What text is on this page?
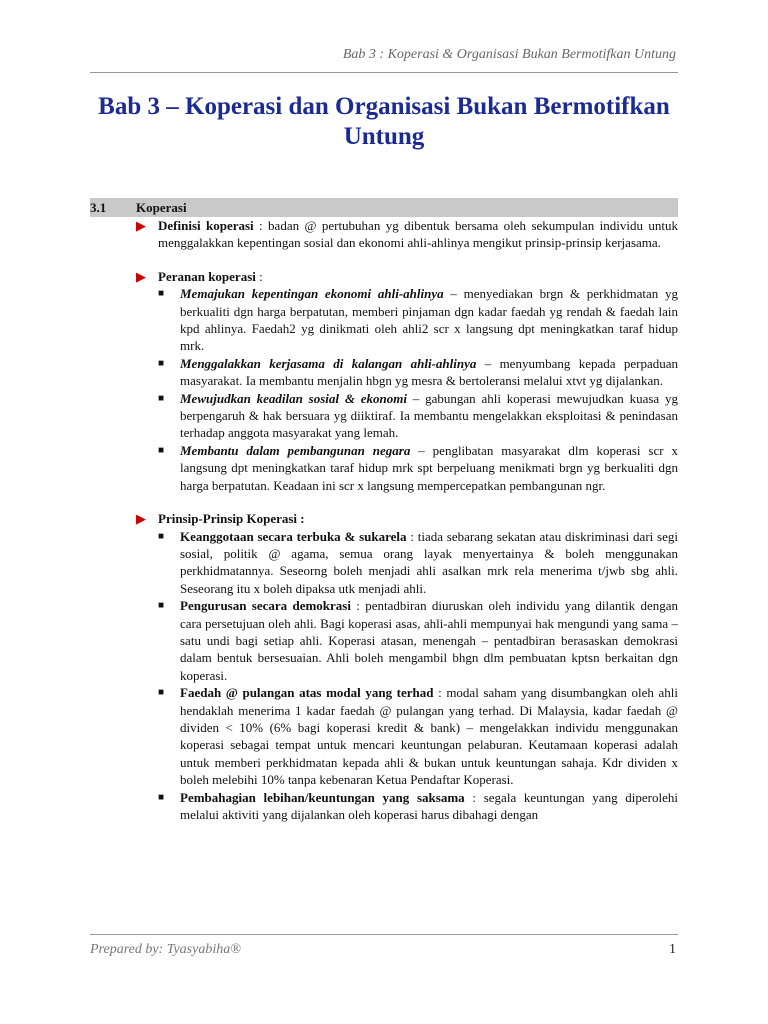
Bab 3 : Koperasi & Organisasi Bukan Bermotifkan Untung
Bab 3 – Koperasi dan Organisasi Bukan Bermotifkan Untung
3.1	Koperasi
▶ Definisi koperasi : badan @ pertubuhan yg dibentuk bersama oleh sekumpulan individu untuk menggalakkan kepentingan sosial dan ekonomi ahli-ahlinya mengikut prinsip-prinsip kerjasama.
▶ Peranan koperasi :
■ Memajukan kepentingan ekonomi ahli-ahlinya – menyediakan brgn & perkhidmatan yg berkualiti dgn harga berpatutan, memberi pinjaman dgn kadar faedah yg rendah & faedah lain kpd ahlinya. Faedah2 yg dinikmati oleh ahli2 scr x langsung dpt meningkatkan taraf hidup mrk.
■ Menggalakkan kerjasama di kalangan ahli-ahlinya – menyumbang kepada perpaduan masyarakat. Ia membantu menjalin hbgn yg mesra & bertoleransi melalui xtvt yg dijalankan.
■ Mewujudkan keadilan sosial & ekonomi – gabungan ahli koperasi mewujudkan kuasa yg berpengaruh & hak bersuara yg diiktiraf. Ia membantu mengelakkan eksploitasi & penindasan terhadap anggota masyarakat yang lemah.
■ Membantu dalam pembangunan negara – penglibatan masyarakat dlm koperasi scr x langsung dpt meningkatkan taraf hidup mrk spt berpeluang menikmati brgn yg berkualiti dgn harga berpatutan. Keadaan ini scr x langsung mempercepatkan pembangunan ngr.
▶ Prinsip-Prinsip Koperasi :
■ Keanggotaan secara terbuka & sukarela : tiada sebarang sekatan atau diskriminasi dari segi sosial, politik @ agama, semua orang layak menyertainya & boleh menggunakan perkhidmatannya. Seseorng boleh menjadi ahli asalkan mrk rela menerima t/jwb sbg ahli. Seseorang itu x boleh dipaksa utk menjadi ahli.
■ Pengurusan secara demokrasi : pentadbiran diuruskan oleh individu yang dilantik dengan cara persetujuan oleh ahli. Bagi koperasi asas, ahli-ahli mempunyai hak mengundi yang sama – satu undi bagi setiap ahli. Koperasi atasan, menengah – pentadbiran berasaskan demokrasi dalam bentuk bersesuaian. Ahli boleh mengambil bhgn dlm pembuatan kptsn berkaitan dgn koperasi.
■ Faedah @ pulangan atas modal yang terhad : modal saham yang disumbangkan oleh ahli hendaklah menerima 1 kadar faedah @ pulangan yang terhad. Di Malaysia, kadar faedah @ dividen < 10% (6% bagi koperasi kredit & bank) – mengelakkan individu menggunakan koperasi sebagai tempat untuk mencari keuntungan pelaburan. Keutamaan koperasi adalah untuk memberi perkhidmatan kepada ahli & bukan untuk keuntungan sahaja. Kdr dividen x boleh melebihi 10% tanpa kebenaran Ketua Pendaftar Koperasi.
■ Pembahagian lebihan/keuntungan yang saksama : segala keuntungan yang diperolehi melalui aktiviti yang dijalankan oleh koperasi harus dibahagi dengan
Prepared by: Tyasyabiha®	1
